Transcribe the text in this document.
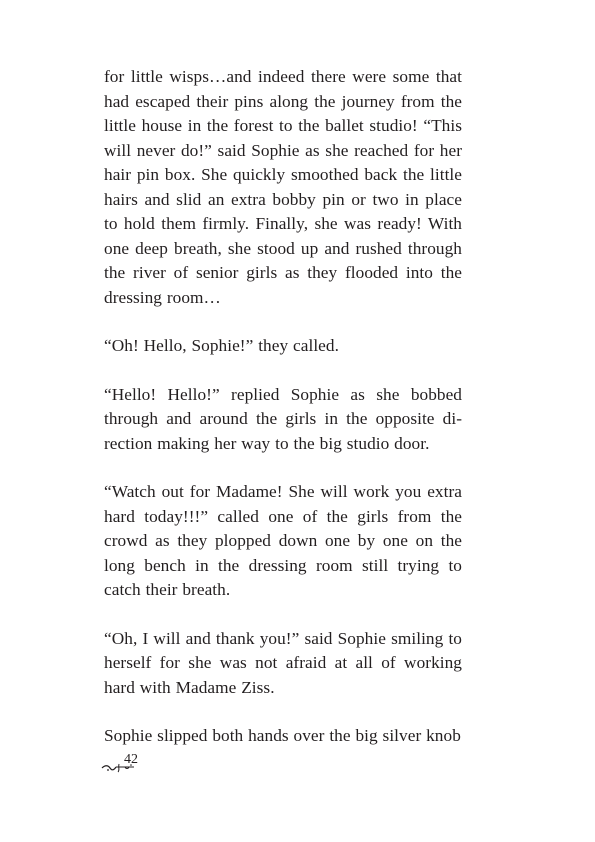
for little wisps…and indeed there were some that had escaped their pins along the journey from the little house in the forest to the ballet studio! “This will never do!” said Sophie as she reached for her hair pin box. She quickly smoothed back the little hairs and slid an extra bobby pin or two in place to hold them firmly. Finally, she was ready! With one deep breath, she stood up and rushed through the river of senior girls as they flooded into the dressing room…

“Oh! Hello, Sophie!” they called.

“Hello! Hello!” replied Sophie as she bobbed through and around the girls in the opposite direction making her way to the big studio door.

“Watch out for Madame! She will work you extra hard today!!!” called one of the girls from the crowd as they plopped down one by one on the long bench in the dressing room still trying to catch their breath.

“Oh, I will and thank you!” said Sophie smiling to herself for she was not afraid at all of working hard with Madame Ziss.

Sophie slipped both hands over the big silver knob

42
